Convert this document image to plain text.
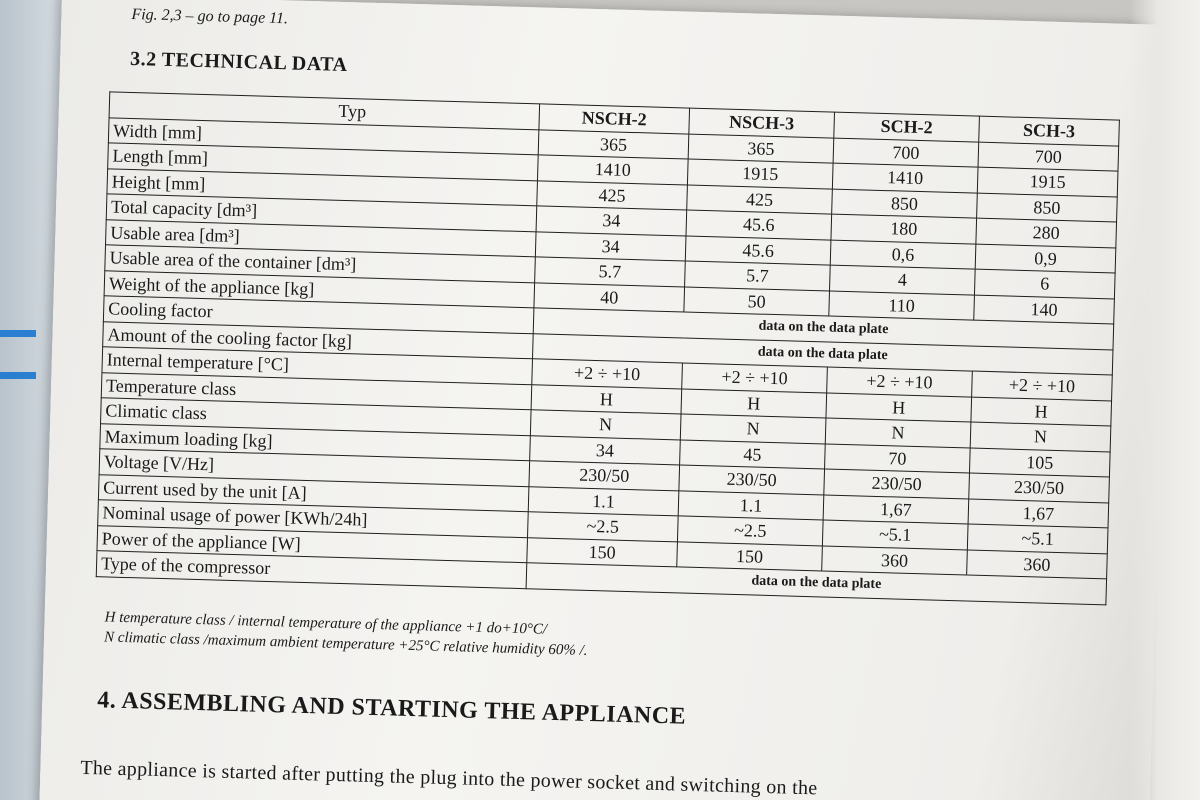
Fig. 2,3 – go to page 11.
3.2 TECHNICAL DATA
Typ	NSCH-2	NSCH-3	SCH-2	SCH-3
Width [mm]	365	365	700	700
Length [mm]	1410	1915	1410	1915
Height [mm]	425	425	850	850
Total capacity [dm³]	34	45.6	180	280
Usable area [dm³]	34	45.6	0,6	0,9
Usable area of the container [dm³]	5.7	5.7	4	6
Weight of the appliance [kg]	40	50	110	140
Cooling factor	data on the data plate			
Amount of the cooling factor [kg]	data on the data plate			
Internal temperature [°C]	+2 ÷ +10	+2 ÷ +10	+2 ÷ +10	+2 ÷ +10
Temperature class	H	H	H	H
Climatic class	N	N	N	N
Maximum loading [kg]	34	45	70	105
Voltage [V/Hz]	230/50	230/50	230/50	230/50
Current used by the unit [A]	1.1	1.1	1,67	1,67
Nominal usage of power [KWh/24h]	~2.5	~2.5	~5.1	~5.1
Power of the appliance [W]	150	150	360	360
Type of the compressor	data on the data plate			
H temperature class / internal temperature of the appliance +1 do+10°C/
N climatic class /maximum ambient temperature +25°C relative humidity 60% /.
4. ASSEMBLING AND STARTING THE APPLIANCE
The appliance is started after putting the plug into the power socket and switching on the
